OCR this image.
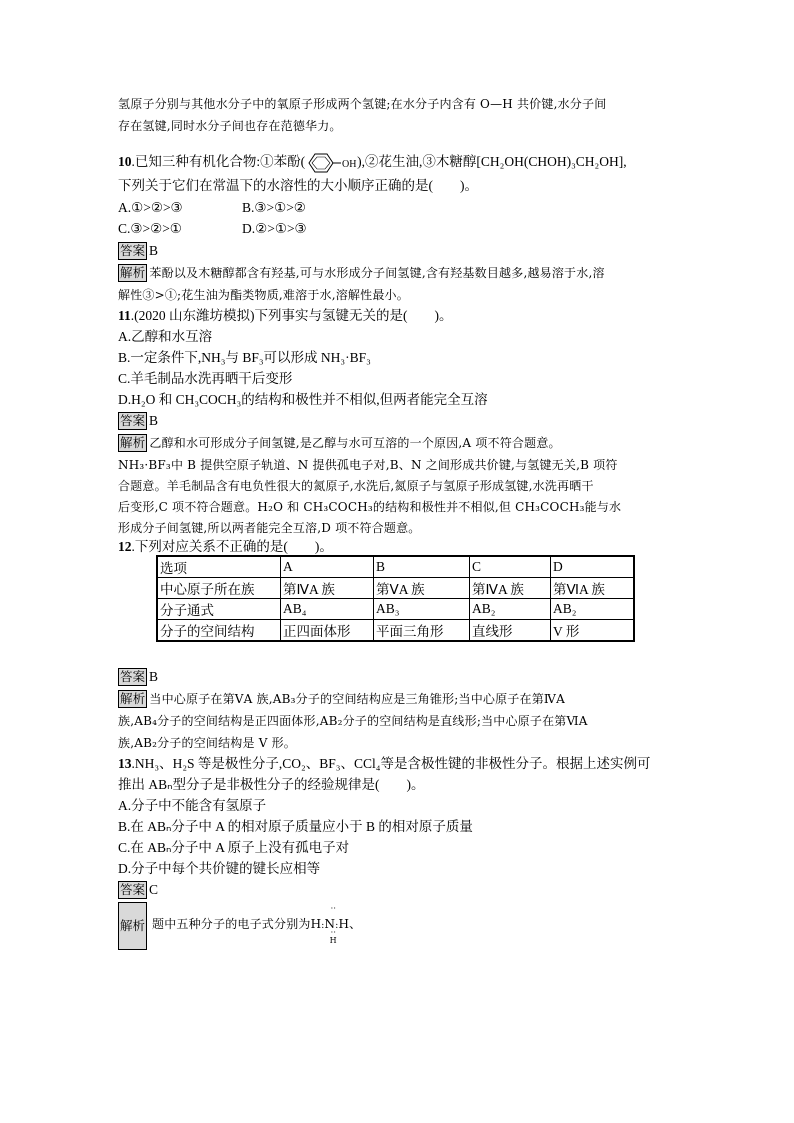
氢原子分别与其他水分子中的氧原子形成两个氢键;在水分子内含有 O—H 共价键,水分子间
存在氢键,同时水分子间也存在范德华力。
10.已知三种有机化合物:①苯酚(	OH ),②花生油,③木糖醇[CH₂OH(CHOH)₃CH₂OH],
下列关于它们在常温下的水溶性的大小顺序正确的是(　　)。
A.①>②>③	B.③>①>②
C.③>②>①	D.②>①>③
答案 B
解析 苯酚以及木糖醇都含有羟基,可与水形成分子间氢键,含有羟基数目越多,越易溶于水,溶
解性③>①;花生油为酯类物质,难溶于水,溶解性最小。
11.(2020 山东潍坊模拟)下列事实与氢键无关的是(　　)。
A.乙醇和水互溶
B.一定条件下,NH₃与 BF₃可以形成 NH₃·BF₃
C.羊毛制品水洗再晒干后变形
D.H₂O 和 CH₃COCH₃的结构和极性并不相似,但两者能完全互溶
答案 B
解析 乙醇和水可形成分子间氢键,是乙醇与水可互溶的一个原因,A 项不符合题意。
NH₃·BF₃中 B 提供空原子轨道、N 提供孤电子对,B、N 之间形成共价键,与氢键无关,B 项符
合题意。羊毛制品含有电负性很大的氮原子,水洗后,氮原子与氢原子形成氢键,水洗再晒干
后变形,C 项不符合题意。H₂O 和 CH₃COCH₃的结构和极性并不相似,但 CH₃COCH₃能与水
形成分子间氢键,所以两者能完全互溶,D 项不符合题意。
12.下列对应关系不正确的是(　　)。
选项	A	B	C	D
中心原子所在族	第ⅣA 族	第ⅤA 族	第ⅣA 族	第ⅥA 族
分子通式	AB₄	AB₃	AB₂	AB₂
分子的空间结构	正四面体形	平面三角形	直线形	V 形
答案 B
解析 当中心原子在第ⅤA 族,AB₃分子的空间结构应是三角锥形;当中心原子在第ⅣA
族,AB₄分子的空间结构是正四面体形,AB₂分子的空间结构是直线形;当中心原子在第ⅥA
族,AB₂分子的空间结构是 V 形。
13.NH₃、H₂S 等是极性分子,CO₂、BF₃、CCl₄等是含极性键的非极性分子。根据上述实例可
推出 ABₙ型分子是非极性分子的经验规律是(　　)。
A.分子中不能含有氢原子
B.在 ABₙ分子中 A 的相对原子质量应小于 B 的相对原子质量
C.在 ABₙ分子中 A 原子上没有孤电子对
D.分子中每个共价键的键长应相等
答案 C
解析 题中五种分子的电子式分别为
··
H:N:H
··
H
、
